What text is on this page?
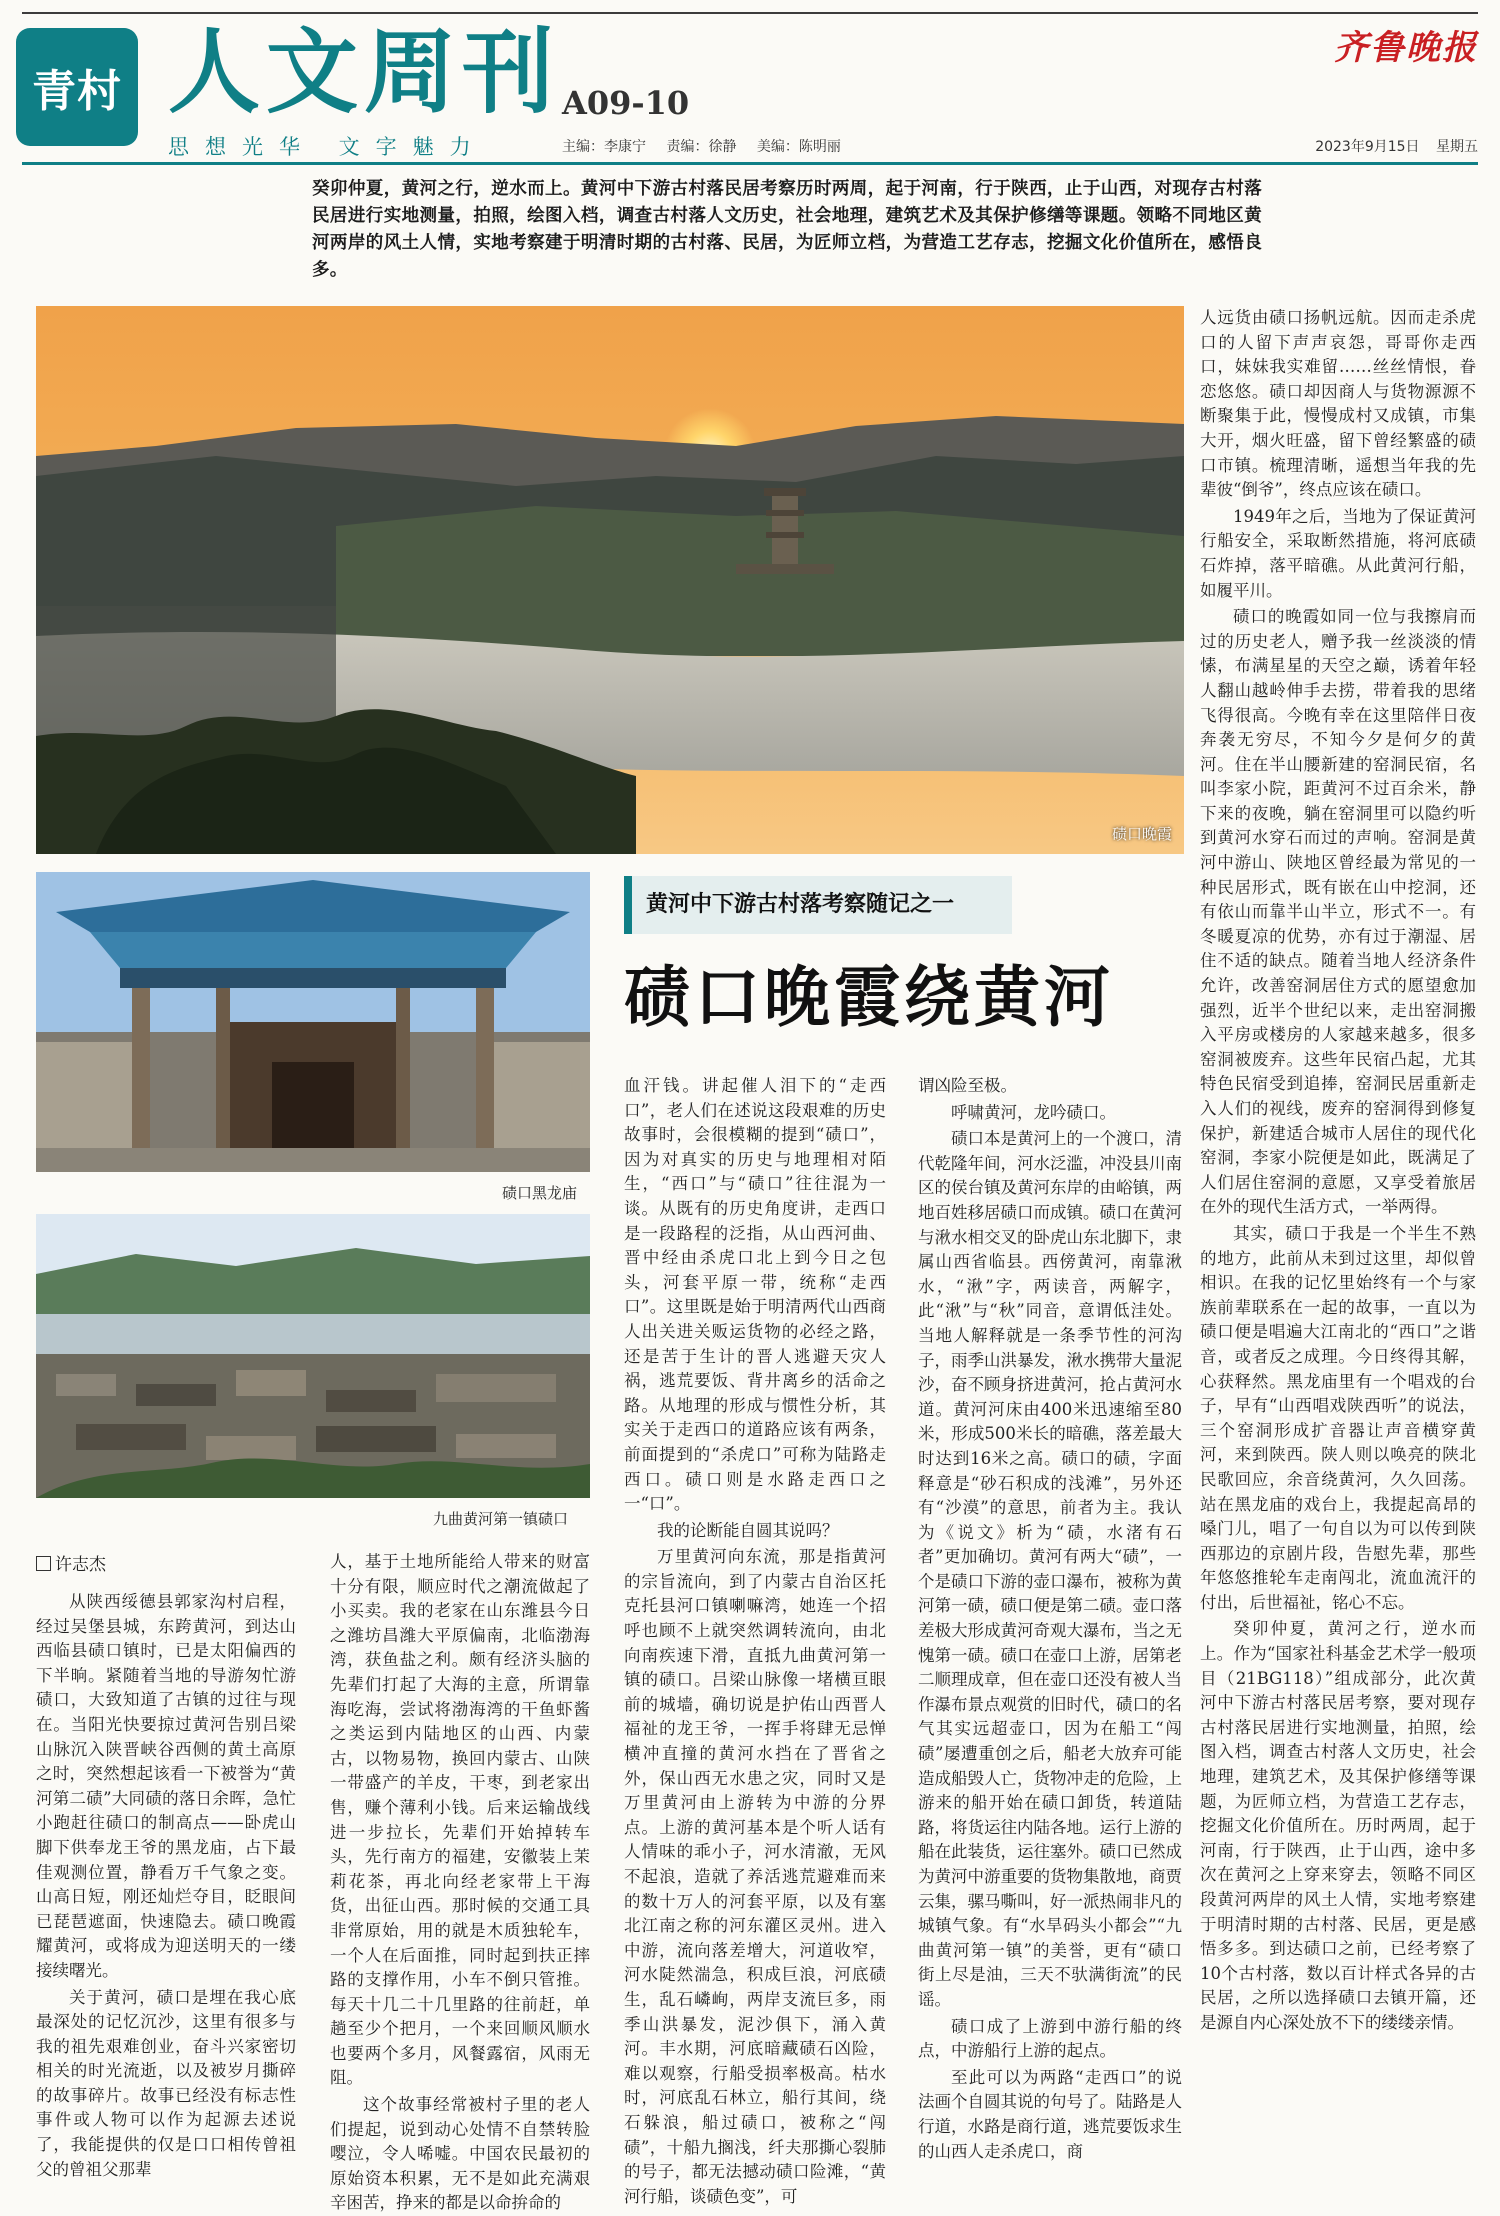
青村 人文周刊 A09-10
思想光华 文字魅力	主编：李康宁 责编：徐静 美编：陈明丽
齐鲁晚报
2023年9月15日 星期五
癸卯仲夏，黄河之行，逆水而上。黄河中下游古村落民居考察历时两周，起于河南，行于陕西，止于山西，对现存古村落民居进行实地测量，拍照，绘图入档，调查古村落人文历史，社会地理，建筑艺术及其保护修缮等课题。领略不同地区黄河两岸的风土人情，实地考察建于明清时期的古村落、民居，为匠师立档，为营造工艺存志，挖掘文化价值所在，感悟良多。
碛口晚霞
碛口黑龙庙
九曲黄河第一镇碛口
黄河中下游古村落考察随记之一
碛口晚霞绕黄河
许志杰

人远货由碛口扬帆远航。因而走杀虎口的人留下声声哀怨，哥哥你走西口，妹妹我实难留……丝丝情恨，眷恋悠悠。碛口却因商人与货物源源不断聚集于此，慢慢成村又成镇，市集大开，烟火旺盛，留下曾经繁盛的碛口市镇。梳理清晰，遥想当年我的先辈彼“倒爷”，终点应该在碛口。

1949年之后，当地为了保证黄河行船安全，采取断然措施，将河底碛石炸掉，落平暗礁。从此黄河行船，如履平川。

碛口的晚霞如同一位与我擦肩而过的历史老人，赠予我一丝淡淡的情愫，布满星星的天空之巅，诱着年轻人翻山越岭伸手去捞，带着我的思绪飞得很高。今晚有幸在这里陪伴日夜奔袭无穷尽，不知今夕是何夕的黄河。住在半山腰新建的窑洞民宿，名叫李家小院，距黄河不过百余米，静下来的夜晚，躺在窑洞里可以隐约听到黄河水穿石而过的声响。窑洞是黄河中游山、陕地区曾经最为常见的一种民居形式，既有嵌在山中挖洞，还有依山而靠半山半立，形式不一。有冬暖夏凉的优势，亦有过于潮湿、居住不适的缺点。随着当地人经济条件允许，改善窑洞居住方式的愿望愈加强烈，近半个世纪以来，走出窑洞搬入平房或楼房的人家越来越多，很多窑洞被废弃。这些年民宿凸起，尤其特色民宿受到追捧，窑洞民居重新走入人们的视线，废弃的窑洞得到修复保护，新建适合城市人居住的现代化窑洞，李家小院便是如此，既满足了人们居住窑洞的意愿，又享受着旅居在外的现代生活方式，一举两得。

其实，碛口于我是一个半生不熟的地方，此前从未到过这里，却似曾相识。在我的记忆里始终有一个与家族前辈联系在一起的故事，一直以为碛口便是唱遍大江南北的“西口”之谐音，或者反之成理。今日终得其解，心获释然。黑龙庙里有一个唱戏的台子，早有“山西唱戏陕西听”的说法，三个窑洞形成扩音器让声音横穿黄河，来到陕西。陕人则以唤亮的陕北民歌回应，余音绕黄河，久久回荡。站在黑龙庙的戏台上，我提起高昂的嗓门儿，唱了一句自以为可以传到陕西那边的京剧片段，告慰先辈，那些年悠悠推轮车走南闯北，流血流汗的付出，后世福祉，铭心不忘。

癸卯仲夏，黄河之行，逆水而上。作为“国家社科基金艺术学一般项目（21BG118）”组成部分，此次黄河中下游古村落民居考察，要对现存古村落民居进行实地测量，拍照，绘图入档，调查古村落人文历史，社会地理，建筑艺术，及其保护修缮等课题，为匠师立档，为营造工艺存志，挖掘文化价值所在。历时两周，起于河南，行于陕西，止于山西，途中多次在黄河之上穿来穿去，领略不同区段黄河两岸的风土人情，实地考察建于明清时期的古村落、民居，更是感悟多多。到达碛口之前，已经考察了10个古村落，数以百计样式各异的古民居，之所以选择碛口去镇开篇，还是源自内心深处放不下的缕缕亲情。

从陕西绥德县郭家沟村启程，经过吴堡县城，东跨黄河，到达山西临县碛口镇时，已是太阳偏西的下半晌。紧随着当地的导游匆忙游碛口，大致知道了古镇的过往与现在。当阳光快要掠过黄河告别吕梁山脉沉入陕晋峡谷西侧的黄土高原之时，突然想起该看一下被誉为“黄河第二碛”大同碛的落日余晖，急忙小跑赶往碛口的制高点——卧虎山脚下供奉龙王爷的黑龙庙，占下最佳观测位置，静看万千气象之变。山高日短，刚还灿烂夺目，眨眼间已琵琶遮面，快速隐去。碛口晚霞耀黄河，或将成为迎送明天的一缕接续曙光。

关于黄河，碛口是埋在我心底最深处的记忆沉沙，这里有很多与我的祖先艰难创业，奋斗兴家密切相关的时光流逝，以及被岁月撕碎的故事碎片。故事已经没有标志性事件或人物可以作为起源去述说了，我能提供的仅是口口相传曾祖父的曾祖父那辈

人，基于土地所能给人带来的财富十分有限，顺应时代之潮流做起了小买卖。我的老家在山东潍县今日之潍坊昌潍大平原偏南，北临渤海湾，获鱼盐之利。颇有经济头脑的先辈们打起了大海的主意，所谓靠海吃海，尝试将渤海湾的干鱼虾酱之类运到内陆地区的山西、内蒙古，以物易物，换回内蒙古、山陕一带盛产的羊皮，干枣，到老家出售，赚个薄利小钱。后来运输战线进一步拉长，先辈们开始掉转车头，先行南方的福建，安徽装上茉莉花茶，再北向经老家带上干海货，出征山西。那时候的交通工具非常原始，用的就是木质独轮车，一个人在后面推，同时起到扶正摔路的支撑作用，小车不倒只管推。每天十几二十几里路的往前赶，单趟至少个把月，一个来回顺风顺水也要两个多月，风餐露宿，风雨无阻。

这个故事经常被村子里的老人们提起，说到动心处情不自禁转脸嘤泣，令人唏嘘。中国农民最初的原始资本积累，无不是如此充满艰辛困苦，挣来的都是以命拚命的

血汗钱。讲起催人泪下的“走西口”，老人们在述说这段艰难的历史故事时，会很模糊的提到“碛口”，因为对真实的历史与地理相对陌生，“西口”与“碛口”往往混为一谈。从既有的历史角度讲，走西口是一段路程的泛指，从山西河曲、晋中经由杀虎口北上到今日之包头，河套平原一带，统称“走西口”。这里既是始于明清两代山西商人出关进关贩运货物的必经之路，还是苦于生计的晋人逃避天灾人祸，逃荒要饭、背井离乡的活命之路。从地理的形成与惯性分析，其实关于走西口的道路应该有两条，前面提到的“杀虎口”可称为陆路走西口。碛口则是水路走西口之一“口”。

我的论断能自圆其说吗？

万里黄河向东流，那是指黄河的宗旨流向，到了内蒙古自治区托克托县河口镇喇嘛湾，她连一个招呼也顾不上就突然调转流向，由北向南疾速下滑，直抵九曲黄河第一镇的碛口。吕梁山脉像一堵横亘眼前的城墙，确切说是护佑山西晋人福祉的龙王爷，一挥手将肆无忌惮横冲直撞的黄河水挡在了晋省之外，保山西无水患之灾，同时又是万里黄河由上游转为中游的分界点。上游的黄河基本是个听人话有人情味的乖小子，河水清澈，无风不起浪，造就了养活逃荒避难而来的数十万人的河套平原，以及有塞北江南之称的河东灌区灵州。进入中游，流向落差增大，河道收窄，河水陡然湍急，积成巨浪，河底碛生，乱石嶙峋，两岸支流巨多，雨季山洪暴发，泥沙俱下，涌入黄河。丰水期，河底暗藏碛石凶险，难以观察，行船受损率极高。枯水时，河底乱石林立，船行其间，绕石躲浪，船过碛口，被称之“闯碛”，十船九搁浅，纤夫那撕心裂肺的号子，都无法撼动碛口险滩，“黄河行船，谈碛色变”，可

谓凶险至极。

呼啸黄河，龙吟碛口。

碛口本是黄河上的一个渡口，清代乾隆年间，河水泛滥，冲没县川南区的侯台镇及黄河东岸的由峪镇，两地百姓移居碛口而成镇。碛口在黄河与湫水相交叉的卧虎山东北脚下，隶属山西省临县。西傍黄河，南靠湫水，“湫”字，两读音，两解字，此“湫”与“秋”同音，意谓低洼处。当地人解释就是一条季节性的河沟子，雨季山洪暴发，湫水携带大量泥沙，奋不顾身挤进黄河，抢占黄河水道。黄河河床由400米迅速缩至80米，形成500米长的暗礁，落差最大时达到16米之高。碛口的碛，字面释意是“砂石积成的浅滩”，另外还有“沙漠”的意思，前者为主。我认为《说文》析为“碛，水渚有石者”更加确切。黄河有两大“碛”，一个是碛口下游的壶口瀑布，被称为黄河第一碛，碛口便是第二碛。壶口落差极大形成黄河奇观大瀑布，当之无愧第一碛。碛口在壶口上游，居第老二顺理成章，但在壶口还没有被人当作瀑布景点观赏的旧时代，碛口的名气其实远超壶口，因为在船工“闯碛”屡遭重创之后，船老大放弃可能造成船毁人亡，货物冲走的危险，上游来的船开始在碛口卸货，转道陆路，将货运往内陆各地。运行上游的船在此装货，运往塞外。碛口已然成为黄河中游重要的货物集散地，商贾云集，骡马嘶叫，好一派热闹非凡的城镇气象。有“水旱码头小都会”“九曲黄河第一镇”的美誉，更有“碛口街上尽是油，三天不驮满街流”的民谣。

碛口成了上游到中游行船的终点，中游船行上游的起点。

至此可以为两路“走西口”的说法画个自圆其说的句号了。陆路是人行道，水路是商行道，逃荒要饭求生的山西人走杀虎口，商
